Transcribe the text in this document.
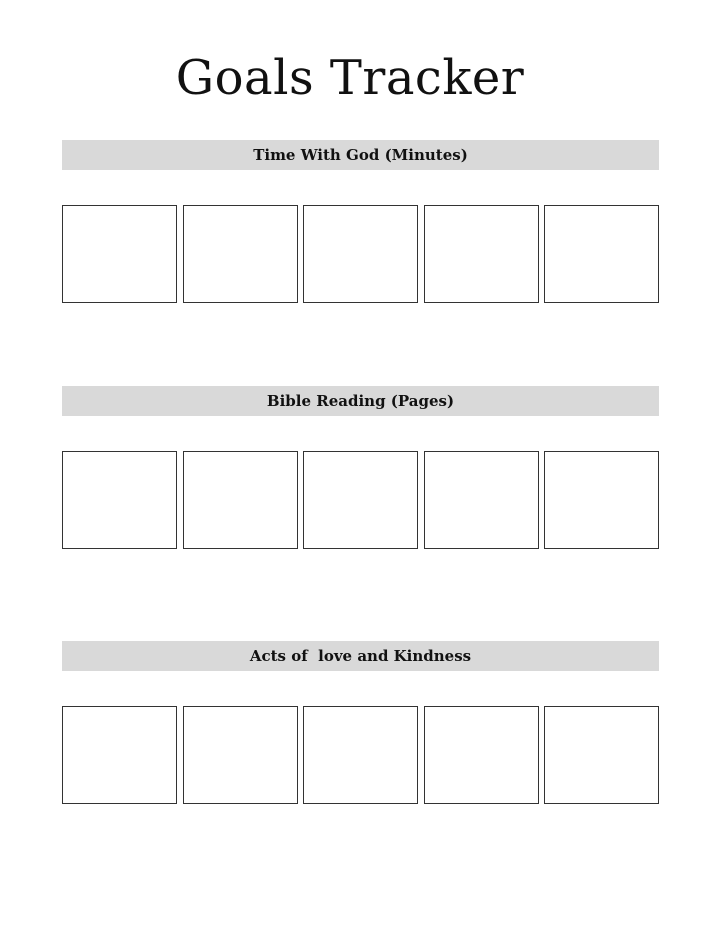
Goals Tracker
Time With God (Minutes)
Bible Reading (Pages)
Acts of  love and Kindness
